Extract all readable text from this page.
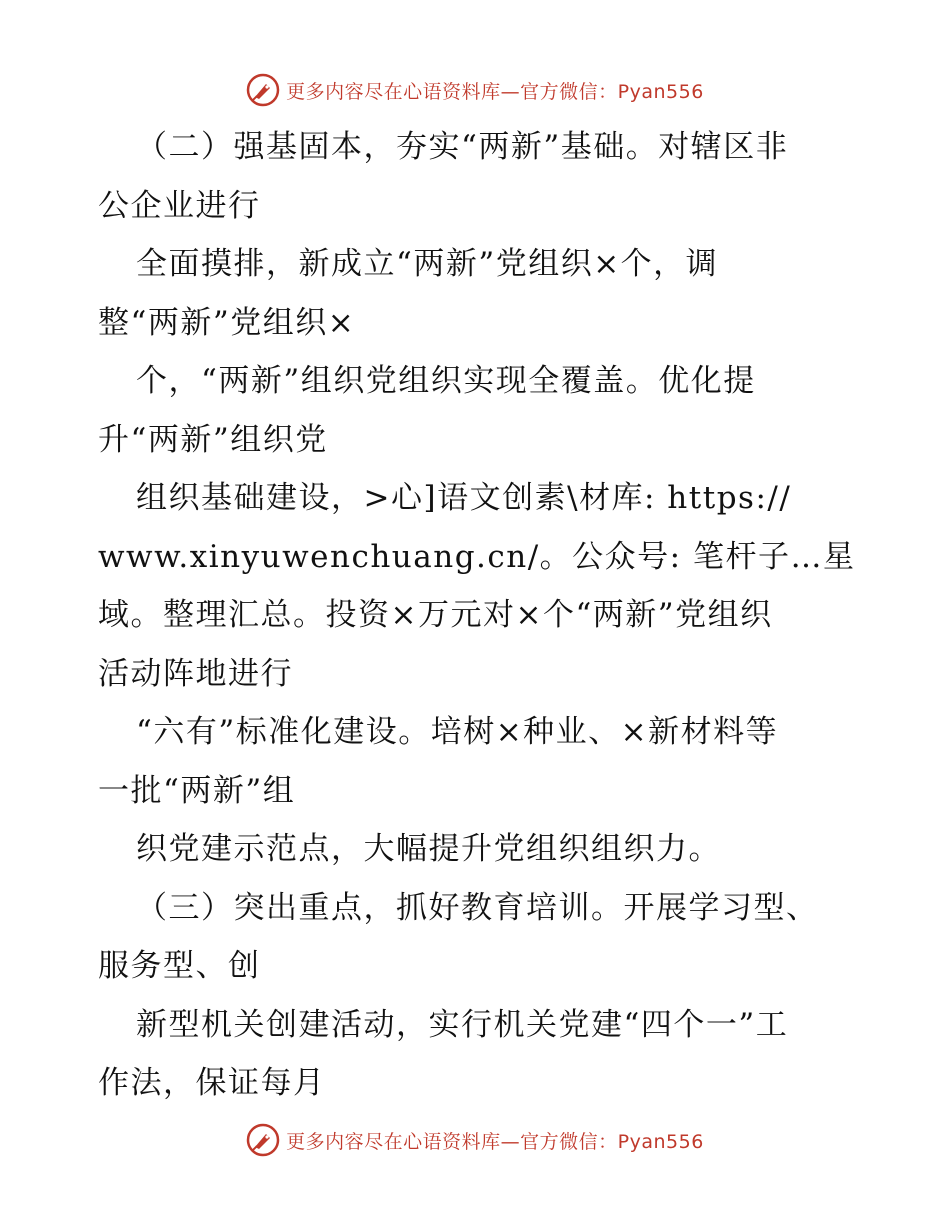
更多内容尽在心语资料库—官方微信：Pyan556
（二）强基固本，夯实“两新”基础。对辖区非
公企业进行
全面摸排，新成立“两新”党组织×个，调
整“两新”党组织×
个，“两新”组织党组织实现全覆盖。优化提
升“两新”组织党
组织基础建设，>心]语文创素\材库: https://
www.xinyuwenchuang.cn/。公众号: 笔杆子…星
域。整理汇总。投资×万元对×个“两新”党组织
活动阵地进行
“六有”标准化建设。培树×种业、×新材料等
一批“两新”组
织党建示范点，大幅提升党组织组织力。
（三）突出重点，抓好教育培训。开展学习型、
服务型、创
新型机关创建活动，实行机关党建“四个一”工
作法，保证每月
更多内容尽在心语资料库—官方微信：Pyan556
